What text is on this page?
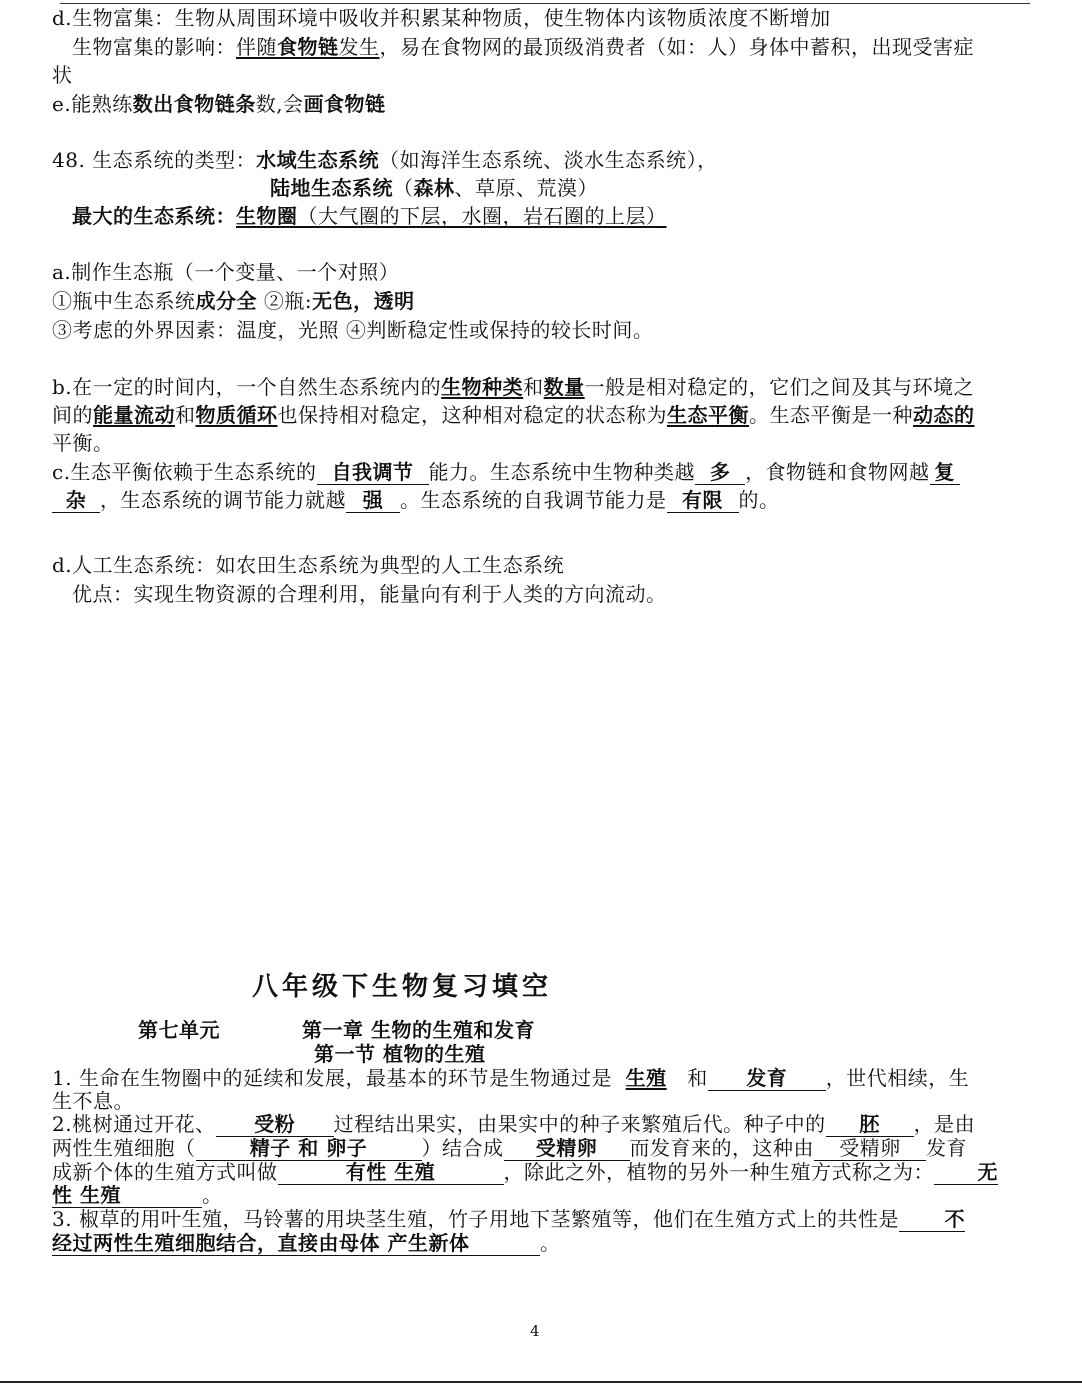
d.生物富集：生物从周围环境中吸收并积累某种物质，使生物体内该物质浓度不断增加
生物富集的影响：伴随食物链发生，易在食物网的最顶级消费者（如：人）身体中蓄积，出现受害症
状
e.能熟练数出食物链条数,会画食物链
48. 生态系统的类型：水域生态系统（如海洋生态系统、淡水生态系统），
陆地生态系统（森林、草原、荒漠）
最大的生态系统：生物圈（大气圈的下层，水圈，岩石圈的上层）
a.制作生态瓶（一个变量、一个对照）
①瓶中生态系统成分全 ②瓶:无色，透明
③考虑的外界因素：温度，光照 ④判断稳定性或保持的较长时间。
b.在一定的时间内，一个自然生态系统内的生物种类和数量一般是相对稳定的，它们之间及其与环境之
间的能量流动和物质循环也保持相对稳定，这种相对稳定的状态称为生态平衡。生态平衡是一种动态的
平衡。
c.生态平衡依赖于生态系统的 自我调节 能力。生态系统中生物种类越 多 ，食物链和食物网越 复
杂 ，生态系统的调节能力就越 强 。生态系统的自我调节能力是 有限 的。
d.人工生态系统：如农田生态系统为典型的人工生态系统
优点：实现生物资源的合理利用，能量向有利于人类的方向流动。
八年级下生物复习填空
第七单元	第一章 生物的生殖和发育
第一节 植物的生殖
1. 生命在生物圈中的延续和发展，最基本的环节是生物通过是 生殖 和 发育 ，世代相续，生
生不息。
2.桃树通过开花、 受粉 过程结出果实，由果实中的种子来繁殖后代。种子中的 胚 ，是由
两性生殖细胞（	精子 和 卵子	）结合成 受精卵 而发育来的，这种由 受精卵 发育
成新个体的生殖方式叫做	有性 生殖	，除此之外，植物的另外一种生殖方式称之为： 无
性 生殖	。
3. 椒草的用叶生殖，马铃薯的用块茎生殖，竹子用地下茎繁殖等，他们在生殖方式上的共性是 不
经过两性生殖细胞结合，直接由母体 产生新体	。
4
